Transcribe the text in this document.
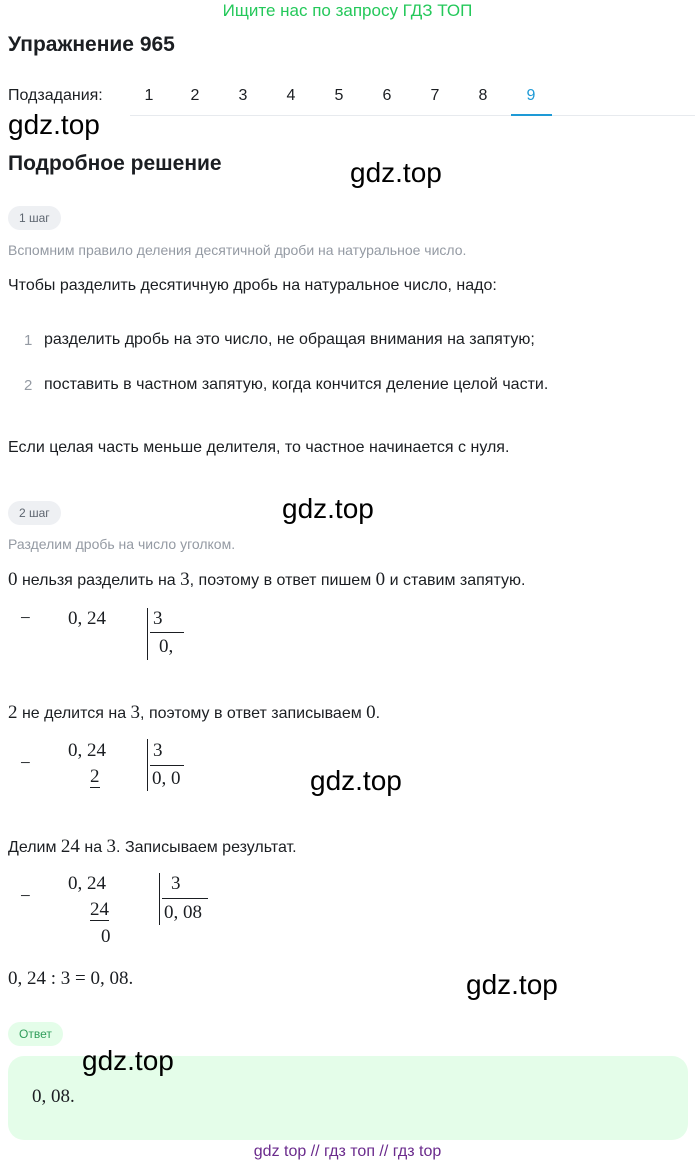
Ищите нас по запросу ГДЗ ТОП
Упражнение 965
Подзадания:	1	2	3	4	5	6	7	8	9
gdz.top
gdz.top
gdz.top
gdz.top
gdz.top
gdz.top
Подробное решение
1 шаг
Вспомним правило деления десятичной дроби на натуральное число.
Чтобы разделить десятичную дробь на натуральное число, надо:
1 разделить дробь на это число, не обращая внимания на запятую;
2 поставить в частном запятую, когда кончится деление целой части.
Если целая часть меньше делителя, то частное начинается с нуля.
2 шаг
Разделим дробь на число уголком.
0 нельзя разделить на 3, поэтому в ответ пишем 0 и ставим запятую.
− 0, 24 3
0,
2 не делится на 3, поэтому в ответ записываем 0.
−
0, 24
2
3
0, 0
Делим 24 на 3. Записываем результат.
−
0, 24
24
0
3
0, 08
0, 24 : 3 = 0, 08.
Ответ
0, 08.
gdz top // гдз топ // гдз top
